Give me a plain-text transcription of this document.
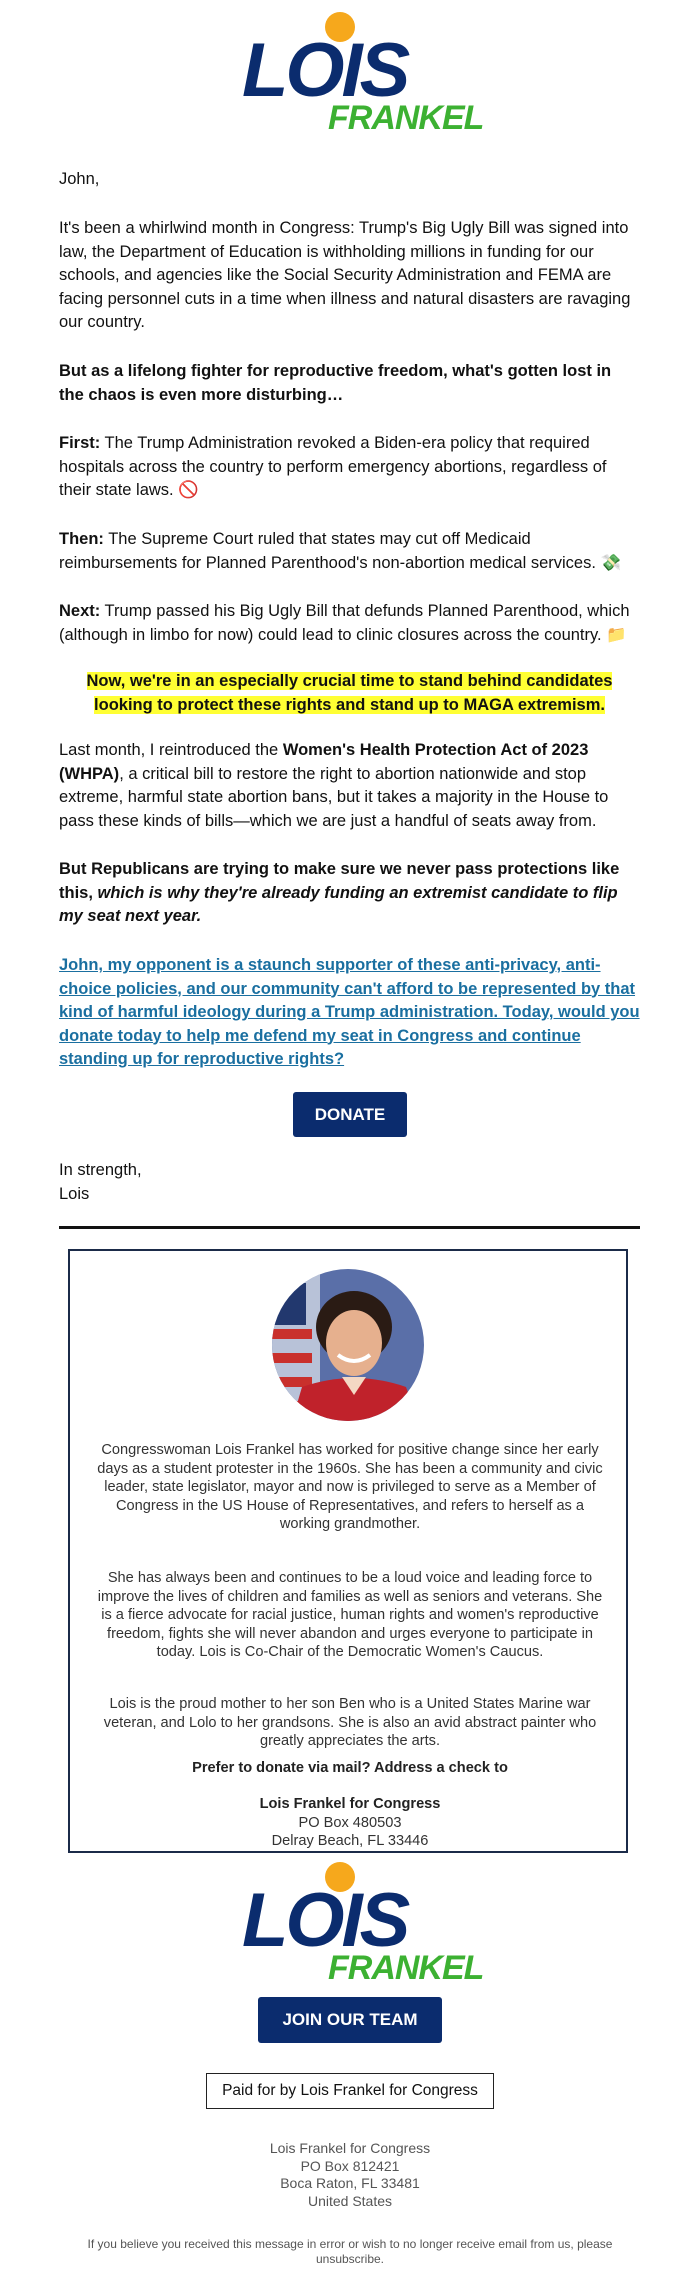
LOIS
FRANKEL

John,

It's been a whirlwind month in Congress: Trump's Big Ugly Bill was signed into law, the Department of Education is withholding millions in funding for our schools, and agencies like the Social Security Administration and FEMA are facing personnel cuts in a time when illness and natural disasters are ravaging our country.

But as a lifelong fighter for reproductive freedom, what's gotten lost in the chaos is even more disturbing…

First: The Trump Administration revoked a Biden-era policy that required hospitals across the country to perform emergency abortions, regardless of their state laws. 🚫

Then: The Supreme Court ruled that states may cut off Medicaid reimbursements for Planned Parenthood's non-abortion medical services. 💸

Next: Trump passed his Big Ugly Bill that defunds Planned Parenthood, which (although in limbo for now) could lead to clinic closures across the country. 📁

Now, we're in an especially crucial time to stand behind candidates looking to protect these rights and stand up to MAGA extremism.

Last month, I reintroduced the Women's Health Protection Act of 2023 (WHPA), a critical bill to restore the right to abortion nationwide and stop extreme, harmful state abortion bans, but it takes a majority in the House to pass these kinds of bills—which we are just a handful of seats away from.

But Republicans are trying to make sure we never pass protections like this, which is why they're already funding an extremist candidate to flip my seat next year.

John, my opponent is a staunch supporter of these anti-privacy, anti-choice policies, and our community can't afford to be represented by that kind of harmful ideology during a Trump administration. Today, would you donate today to help me defend my seat in Congress and continue standing up for reproductive rights?

DONATE

In strength,

Lois

Congresswoman Lois Frankel has worked for positive change since her early days as a student protester in the 1960s. She has been a community and civic leader, state legislator, mayor and now is privileged to serve as a Member of Congress in the US House of Representatives, and refers to herself as a working grandmother.

She has always been and continues to be a loud voice and leading force to improve the lives of children and families as well as seniors and veterans. She is a fierce advocate for racial justice, human rights and women's reproductive freedom, fights she will never abandon and urges everyone to participate in today. Lois is Co-Chair of the Democratic Women's Caucus.

Lois is the proud mother to her son Ben who is a United States Marine war veteran, and Lolo to her grandsons. She is also an avid abstract painter who greatly appreciates the arts.

Prefer to donate via mail? Address a check to

Lois Frankel for Congress

PO Box 480503

Delray Beach, FL 33446

LOIS
FRANKEL
JOIN OUR TEAM
Paid for by Lois Frankel for Congress
Lois Frankel for Congress
PO Box 812421
Boca Raton, FL 33481
United States
If you believe you received this message in error or wish to no longer receive email from us, please unsubscribe.
